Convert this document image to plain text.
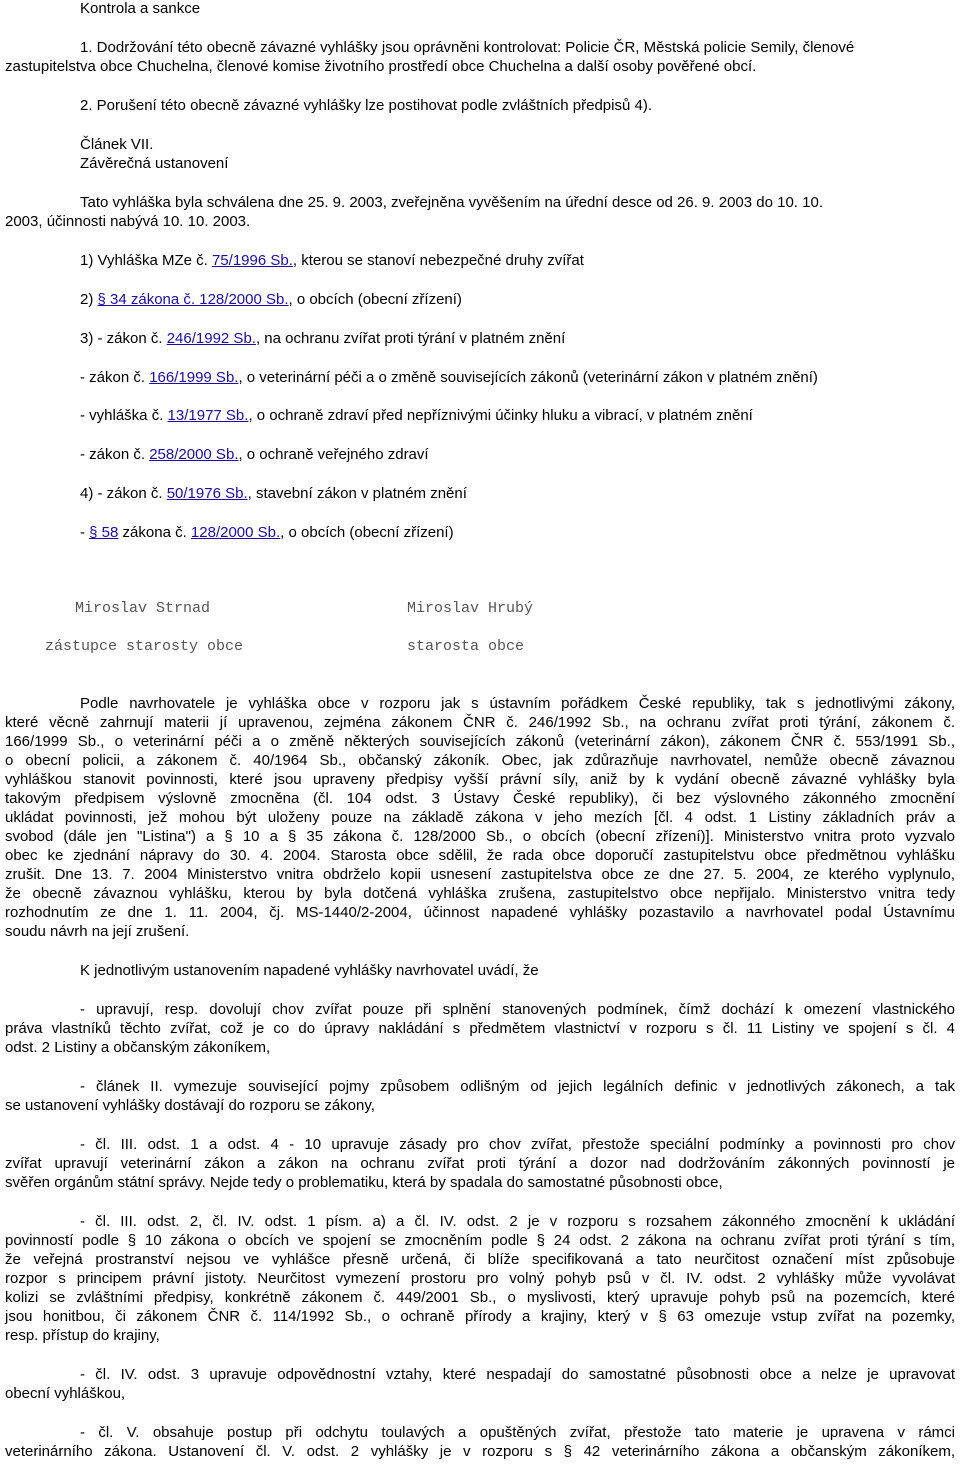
Kontrola a sankce
1. Dodržování této obecně závazné vyhlášky jsou oprávněni kontrolovat: Policie ČR, Městská policie Semily, členové
zastupitelstva obce Chuchelna, členové komise životního prostředí obce Chuchelna a další osoby pověřené obcí.
2. Porušení této obecně závazné vyhlášky lze postihovat podle zvláštních předpisů 4).
Článek VII.
Závěrečná ustanovení
Tato vyhláška byla schválena dne 25. 9. 2003, zveřejněna vyvěšením na úřední desce od 26. 9. 2003 do 10. 10.
2003, účinnosti nabývá 10. 10. 2003.
1) Vyhláška MZe č. 75/1996 Sb., kterou se stanoví nebezpečné druhy zvířat
2) § 34 zákona č. 128/2000 Sb., o obcích (obecní zřízení)
3) - zákon č. 246/1992 Sb., na ochranu zvířat proti týrání v platném znění
- zákon č. 166/1999 Sb., o veterinární péči a o změně souvisejících zákonů (veterinární zákon v platném znění)
- vyhláška č. 13/1977 Sb., o ochraně zdraví před nepříznivými účinky hluku a vibrací, v platném znění
- zákon č. 258/2000 Sb., o ochraně veřejného zdraví
4) - zákon č. 50/1976 Sb., stavební zákon v platném znění
- § 58 zákona č. 128/2000 Sb., o obcích (obecní zřízení)
Miroslav Strnad	Miroslav Hrubý
zástupce starosty obce	starosta obce
Podle navrhovatele je vyhláška obce v rozporu jak s ústavním pořádkem České republiky, tak s jednotlivými zákony,
které věcně zahrnují materii jí upravenou, zejména zákonem ČNR č. 246/1992 Sb., na ochranu zvířat proti týrání, zákonem č.
166/1999 Sb., o veterinární péči a o změně některých souvisejících zákonů (veterinární zákon), zákonem ČNR č. 553/1991 Sb.,
o obecní policii, a zákonem č. 40/1964 Sb., občanský zákoník. Obec, jak zdůrazňuje navrhovatel, nemůže obecně závaznou
vyhláškou stanovit povinnosti, které jsou upraveny předpisy vyšší právní síly, aniž by k vydání obecně závazné vyhlášky byla
takovým předpisem výslovně zmocněna (čl. 104 odst. 3 Ústavy České republiky), či bez výslovného zákonného zmocnění
ukládat povinnosti, jež mohou být uloženy pouze na základě zákona v jeho mezích [čl. 4 odst. 1 Listiny základních práv a
svobod (dále jen "Listina") a § 10 a § 35 zákona č. 128/2000 Sb., o obcích (obecní zřízení)]. Ministerstvo vnitra proto vyzvalo
obec ke zjednání nápravy do 30. 4. 2004. Starosta obce sdělil, že rada obce doporučí zastupitelstvu obce předmětnou vyhlášku
zrušit. Dne 13. 7. 2004 Ministerstvo vnitra obdrželo kopii usnesení zastupitelstva obce ze dne 27. 5. 2004, ze kterého vyplynulo,
že obecně závaznou vyhlášku, kterou by byla dotčená vyhláška zrušena, zastupitelstvo obce nepřijalo. Ministerstvo vnitra tedy
rozhodnutím ze dne 1. 11. 2004, čj. MS-1440/2-2004, účinnost napadené vyhlášky pozastavilo a navrhovatel podal Ústavnímu
soudu návrh na její zrušení.
K jednotlivým ustanovením napadené vyhlášky navrhovatel uvádí, že
- upravují, resp. dovolují chov zvířat pouze při splnění stanovených podmínek, čímž dochází k omezení vlastnického
práva vlastníků těchto zvířat, což je co do úpravy nakládání s předmětem vlastnictví v rozporu s čl. 11 Listiny ve spojení s čl. 4
odst. 2 Listiny a občanským zákoníkem,
- článek II. vymezuje související pojmy způsobem odlišným od jejich legálních definic v jednotlivých zákonech, a tak
se ustanovení vyhlášky dostávají do rozporu se zákony,
- čl. III. odst. 1 a odst. 4 - 10 upravuje zásady pro chov zvířat, přestože speciální podmínky a povinnosti pro chov
zvířat upravují veterinární zákon a zákon na ochranu zvířat proti týrání a dozor nad dodržováním zákonných povinností je
svěřen orgánům státní správy. Nejde tedy o problematiku, která by spadala do samostatné působnosti obce,
- čl. III. odst. 2, čl. IV. odst. 1 písm. a) a čl. IV. odst. 2 je v rozporu s rozsahem zákonného zmocnění k ukládání
povinností podle § 10 zákona o obcích ve spojení se zmocněním podle § 24 odst. 2 zákona na ochranu zvířat proti týrání s tím,
že veřejná prostranství nejsou ve vyhlášce přesně určená, či blíže specifikovaná a tato neurčitost označení míst způsobuje
rozpor s principem právní jistoty. Neurčitost vymezení prostoru pro volný pohyb psů v čl. IV. odst. 2 vyhlášky může vyvolávat
kolizi se zvláštními předpisy, konkrétně zákonem č. 449/2001 Sb., o myslivosti, který upravuje pohyb psů na pozemcích, které
jsou honitbou, či zákonem ČNR č. 114/1992 Sb., o ochraně přírody a krajiny, který v § 63 omezuje vstup zvířat na pozemky,
resp. přístup do krajiny,
- čl. IV. odst. 3 upravuje odpovědnostní vztahy, které nespadají do samostatné působnosti obce a nelze je upravovat
obecní vyhláškou,
- čl. V. obsahuje postup při odchytu toulavých a opuštěných zvířat, přestože tato materie je upravena v rámci
veterinárního zákona. Ustanovení čl. V. odst. 2 vyhlášky je v rozporu s § 42 veterinárního zákona a občanským zákoníkem,
